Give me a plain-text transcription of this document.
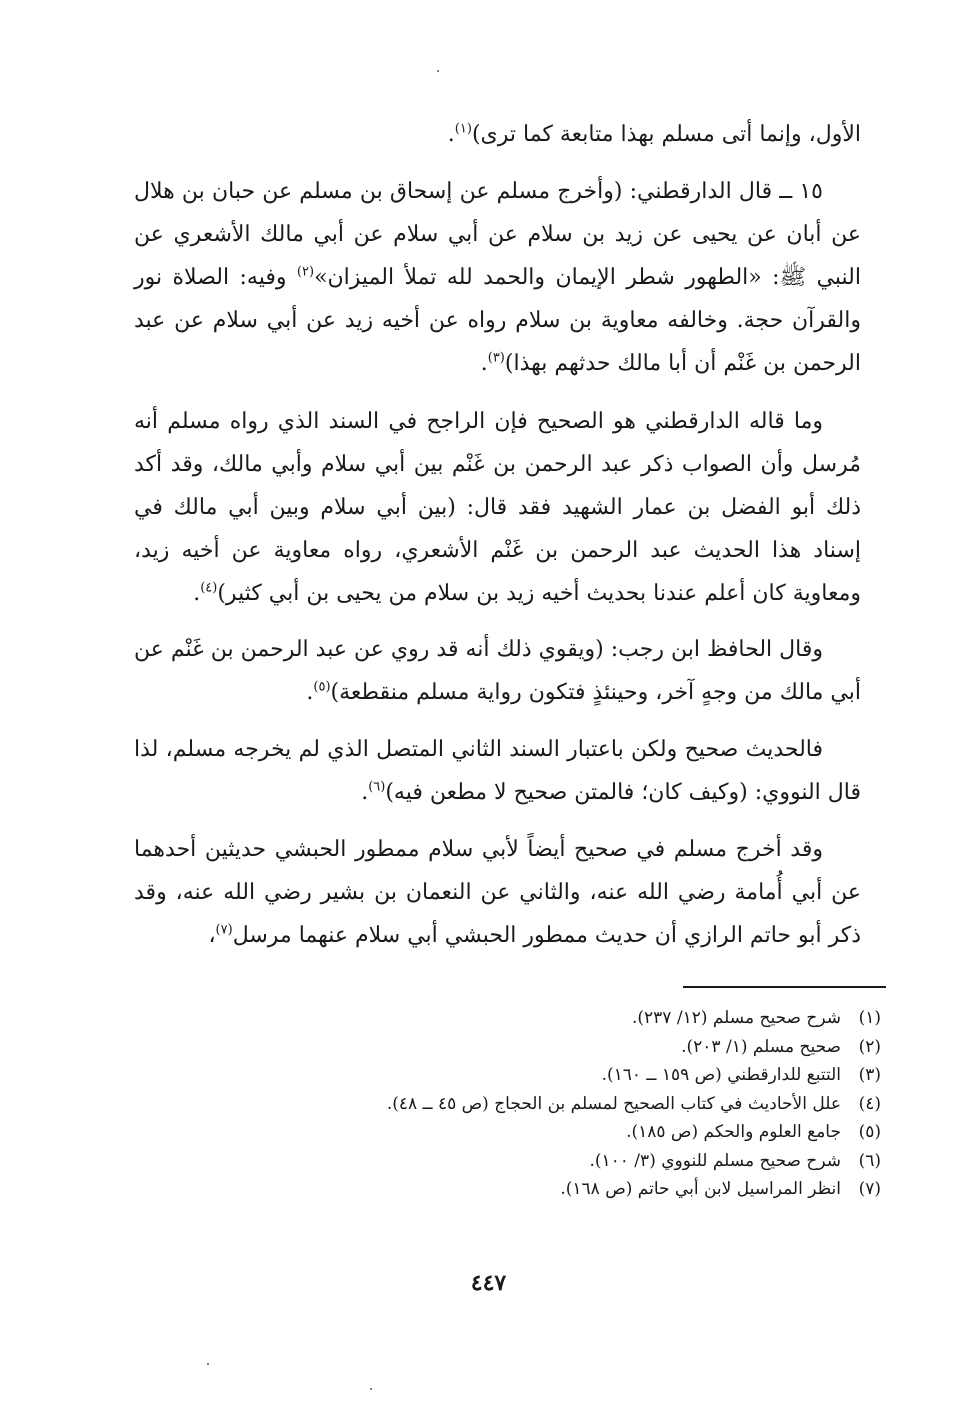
الأول، وإنما أتى مسلم بهذا متابعة كما ترى)$^{(١)}$.

١٥ ــ قال الدارقطني: (وأخرج مسلم عن إسحاق بن مسلم عن حبان بن هلال عن أبان عن يحيى عن زيد بن سلام عن أبي سلام عن أبي مالك الأشعري عن النبي ﷺ: «الطهور شطر الإيمان والحمد لله تملأ الميزان»$^{(٢)}$ وفيه: الصلاة نور والقرآن حجة. وخالفه معاوية بن سلام رواه عن أخيه زيد عن أبي سلام عن عبد الرحمن بن غَنْم أن أبا مالك حدثهم بهذا)$^{(٣)}$.

وما قاله الدارقطني هو الصحيح فإن الراجح في السند الذي رواه مسلم أنه مُرسل وأن الصواب ذكر عبد الرحمن بن غَنْم بين أبي سلام وأبي مالك، وقد أكد ذلك أبو الفضل بن عمار الشهيد فقد قال: (بين أبي سلام وبين أبي مالك في إسناد هذا الحديث عبد الرحمن بن غَنْم الأشعري، رواه معاوية عن أخيه زيد، ومعاوية كان أعلم عندنا بحديث أخيه زيد بن سلام من يحيى بن أبي كثير)$^{(٤)}$.

وقال الحافظ ابن رجب: (ويقوي ذلك أنه قد روي عن عبد الرحمن بن غَنْم عن أبي مالك من وجهٍ آخر، وحينئذٍ فتكون رواية مسلم منقطعة)$^{(٥)}$.

فالحديث صحيح ولكن باعتبار السند الثاني المتصل الذي لم يخرجه مسلم، لذا قال النووي: (وكيف كان؛ فالمتن صحيح لا مطعن فيه)$^{(٦)}$.

وقد أخرج مسلم في صحيح أيضاً لأبي سلام ممطور الحبشي حديثين أحدهما عن أبي أُمامة رضي الله عنه، والثاني عن النعمان بن بشير رضي الله عنه، وقد ذكر أبو حاتم الرازي أن حديث ممطور الحبشي أبي سلام عنهما مرسل$^{(٧)}$،

(١)
شرح صحيح مسلم (١٢/ ٢٣٧).
(٢)
صحيح مسلم (١/ ٢٠٣).
(٣)
التتبع للدارقطني (ص ١٥٩ ــ ١٦٠).
(٤)
علل الأحاديث في كتاب الصحيح لمسلم بن الحجاج (ص ٤٥ ــ ٤٨).
(٥)
جامع العلوم والحكم (ص ١٨٥).
(٦)
شرح صحيح مسلم للنووي (٣/ ١٠٠).
(٧)
انظر المراسيل لابن أبي حاتم (ص ١٦٨).
٤٤٧
